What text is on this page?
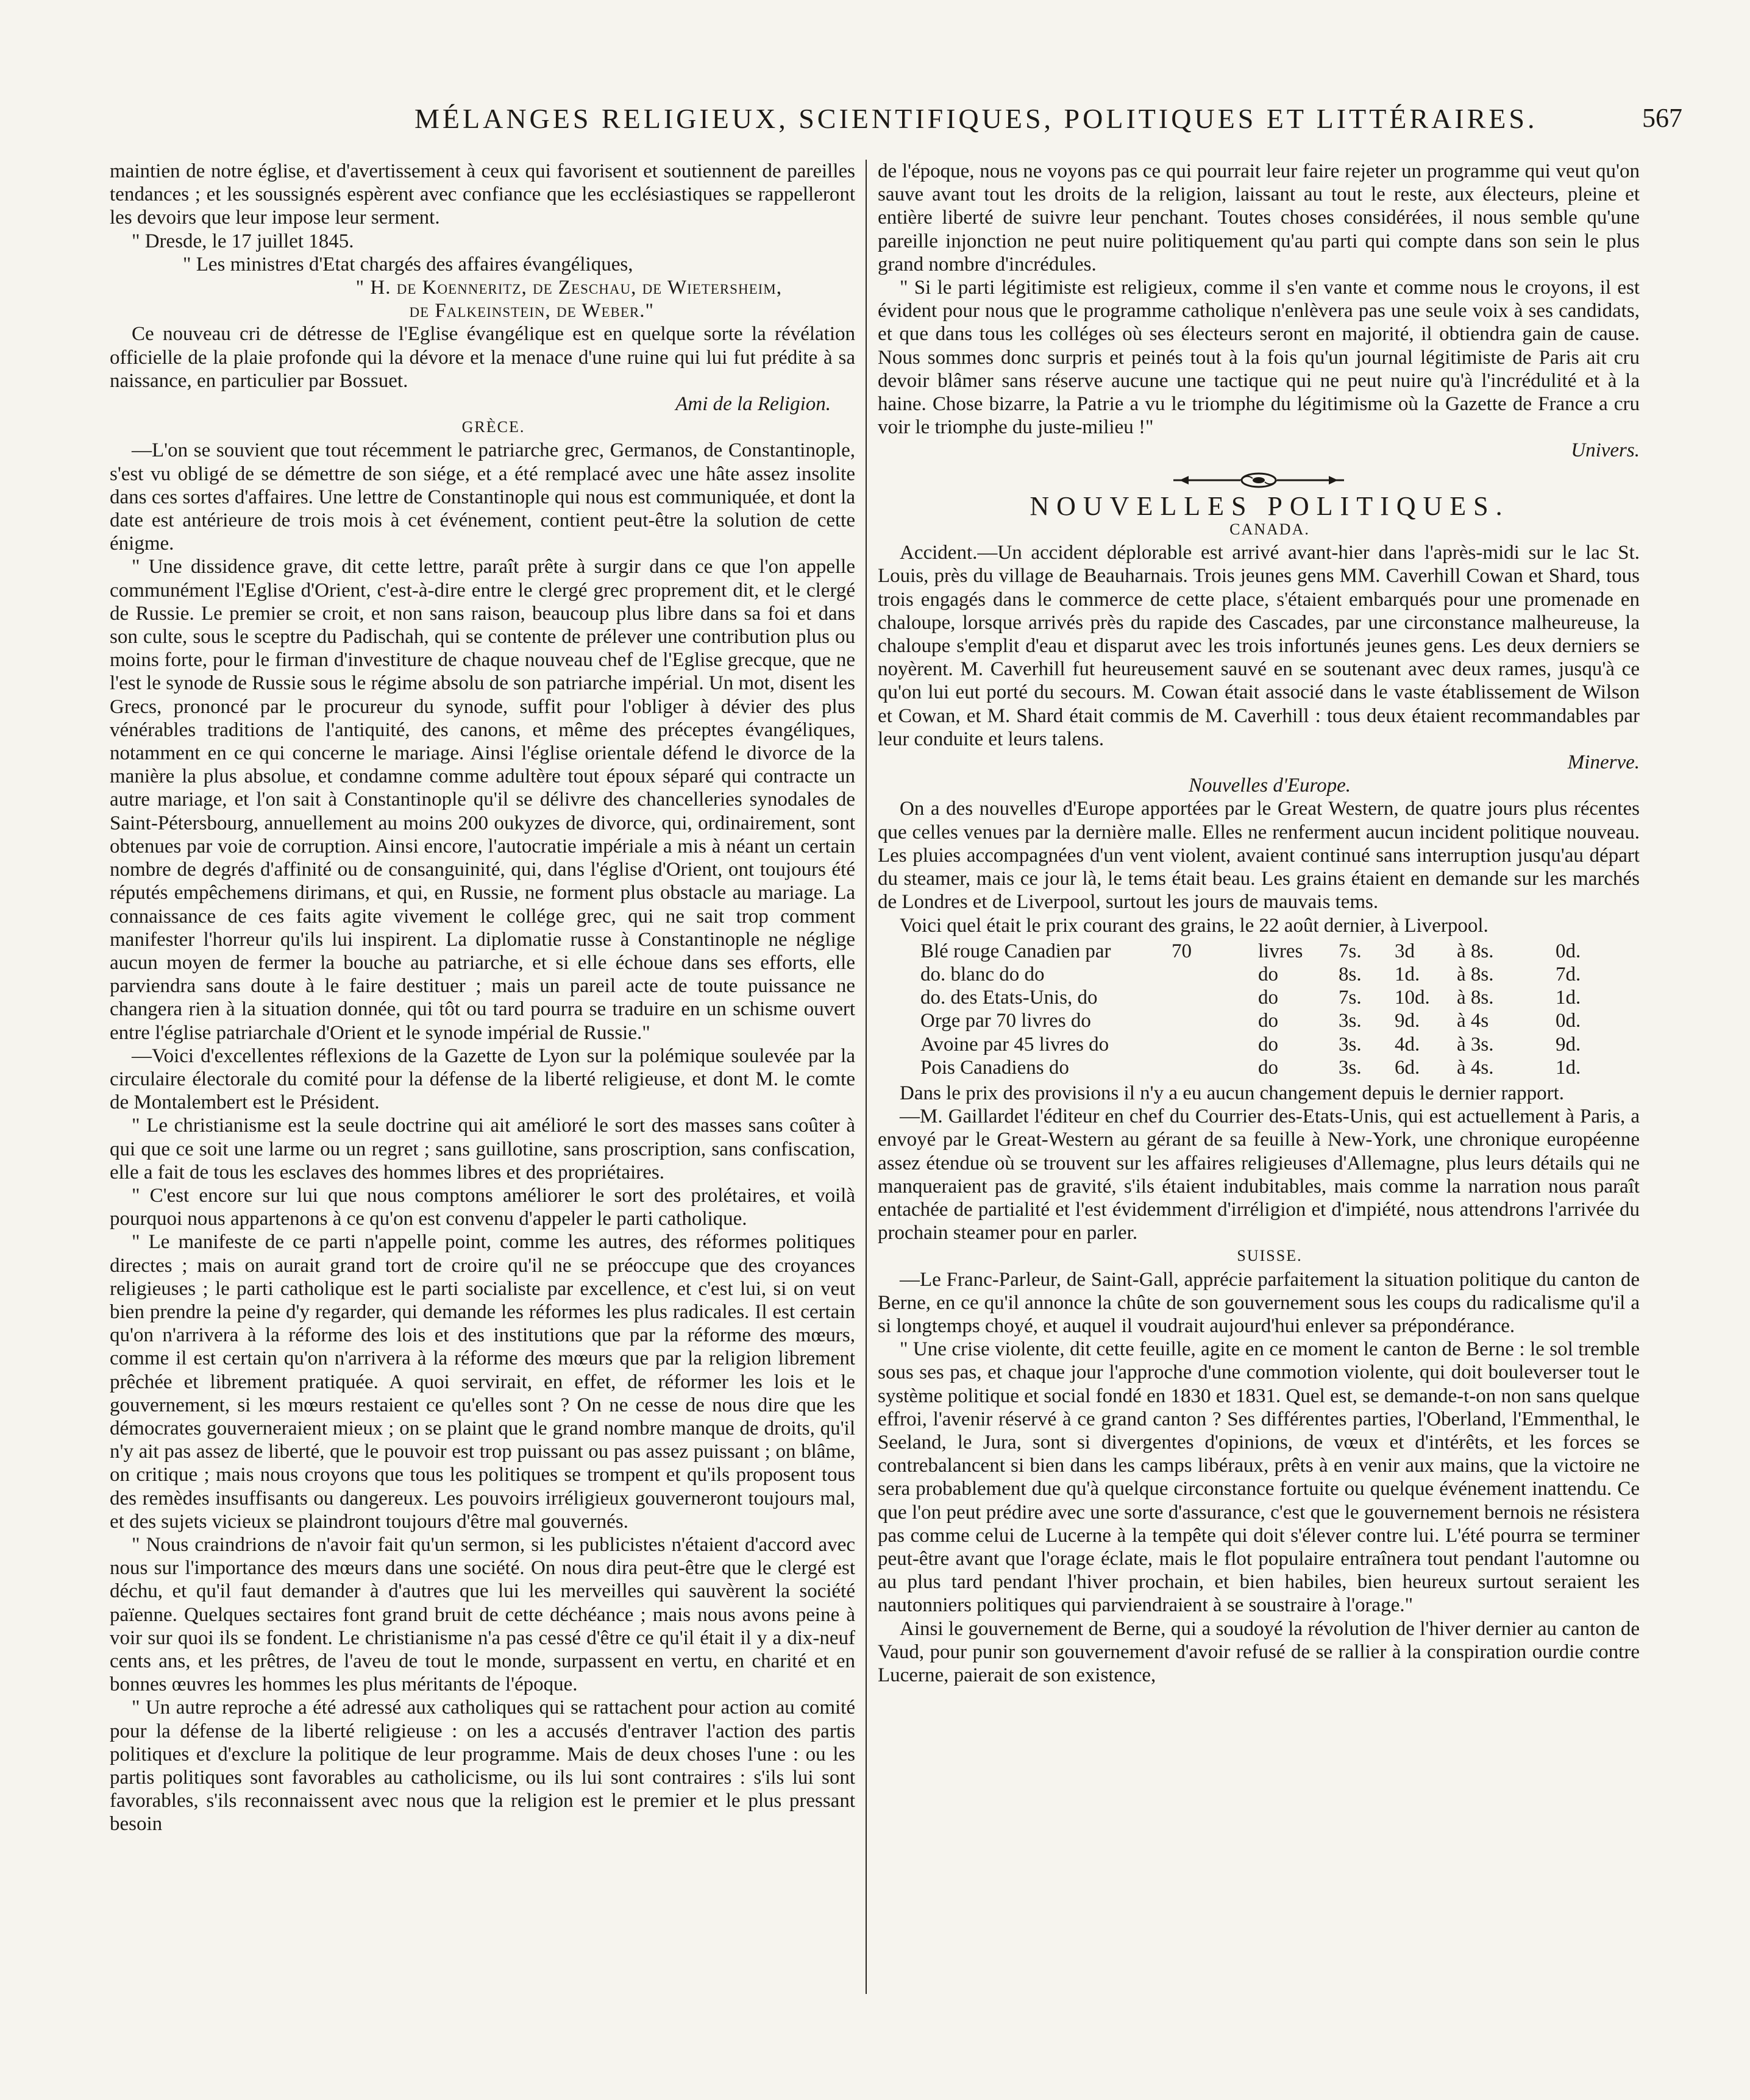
MÉLANGES RELIGIEUX, SCIENTIFIQUES, POLITIQUES ET LITTÉRAIRES.	567

maintien de notre église, et d'avertissement à ceux qui favorisent et soutiennent de pareilles tendances ; et les soussignés espèrent avec confiance que les ecclésiastiques se rappelleront les devoirs que leur impose leur serment.

" Dresde, le 17 juillet 1845.

" Les ministres d'Etat chargés des affaires évangéliques,

" H. de Koenneritz, de Zeschau, de Wietersheim,

de Falkeinstein, de Weber."

Ce nouveau cri de détresse de l'Eglise évangélique est en quelque sorte la révélation officielle de la plaie profonde qui la dévore et la menace d'une ruine qui lui fut prédite à sa naissance, en particulier par Bossuet.

Ami de la Religion.

GRÈCE.

—L'on se souvient que tout récemment le patriarche grec, Germanos, de Constantinople, s'est vu obligé de se démettre de son siége, et a été remplacé avec une hâte assez insolite dans ces sortes d'affaires. Une lettre de Constantinople qui nous est communiquée, et dont la date est antérieure de trois mois à cet événement, contient peut-être la solution de cette énigme.

" Une dissidence grave, dit cette lettre, paraît prête à surgir dans ce que l'on appelle communément l'Eglise d'Orient, c'est-à-dire entre le clergé grec proprement dit, et le clergé de Russie. Le premier se croit, et non sans raison, beaucoup plus libre dans sa foi et dans son culte, sous le sceptre du Padischah, qui se contente de prélever une contribution plus ou moins forte, pour le firman d'investiture de chaque nouveau chef de l'Eglise grecque, que ne l'est le synode de Russie sous le régime absolu de son patriarche impérial. Un mot, disent les Grecs, prononcé par le procureur du synode, suffit pour l'obliger à dévier des plus vénérables traditions de l'antiquité, des canons, et même des préceptes évangéliques, notamment en ce qui concerne le mariage. Ainsi l'église orientale défend le divorce de la manière la plus absolue, et condamne comme adultère tout époux séparé qui contracte un autre mariage, et l'on sait à Constantinople qu'il se délivre des chancelleries synodales de Saint-Pétersbourg, annuellement au moins 200 oukyzes de divorce, qui, ordinairement, sont obtenues par voie de corruption. Ainsi encore, l'autocratie impériale a mis à néant un certain nombre de degrés d'affinité ou de consanguinité, qui, dans l'église d'Orient, ont toujours été réputés empêchemens dirimans, et qui, en Russie, ne forment plus obstacle au mariage. La connaissance de ces faits agite vivement le collége grec, qui ne sait trop comment manifester l'horreur qu'ils lui inspirent. La diplomatie russe à Constantinople ne néglige aucun moyen de fermer la bouche au patriarche, et si elle échoue dans ses efforts, elle parviendra sans doute à le faire destituer ; mais un pareil acte de toute puissance ne changera rien à la situation donnée, qui tôt ou tard pourra se traduire en un schisme ouvert entre l'église patriarchale d'Orient et le synode impérial de Russie."

—Voici d'excellentes réflexions de la Gazette de Lyon sur la polémique soulevée par la circulaire électorale du comité pour la défense de la liberté religieuse, et dont M. le comte de Montalembert est le Président.

" Le christianisme est la seule doctrine qui ait amélioré le sort des masses sans coûter à qui que ce soit une larme ou un regret ; sans guillotine, sans proscription, sans confiscation, elle a fait de tous les esclaves des hommes libres et des propriétaires.

" C'est encore sur lui que nous comptons améliorer le sort des prolétaires, et voilà pourquoi nous appartenons à ce qu'on est convenu d'appeler le parti catholique.

" Le manifeste de ce parti n'appelle point, comme les autres, des réformes politiques directes ; mais on aurait grand tort de croire qu'il ne se préoccupe que des croyances religieuses ; le parti catholique est le parti socialiste par excellence, et c'est lui, si on veut bien prendre la peine d'y regarder, qui demande les réformes les plus radicales. Il est certain qu'on n'arrivera à la réforme des lois et des institutions que par la réforme des mœurs, comme il est certain qu'on n'arrivera à la réforme des mœurs que par la religion librement prêchée et librement pratiquée. A quoi servirait, en effet, de réformer les lois et le gouvernement, si les mœurs restaient ce qu'elles sont ? On ne cesse de nous dire que les démocrates gouverneraient mieux ; on se plaint que le grand nombre manque de droits, qu'il n'y ait pas assez de liberté, que le pouvoir est trop puissant ou pas assez puissant ; on blâme, on critique ; mais nous croyons que tous les politiques se trompent et qu'ils proposent tous des remèdes insuffisants ou dangereux. Les pouvoirs irréligieux gouverneront toujours mal, et des sujets vicieux se plaindront toujours d'être mal gouvernés.

" Nous craindrions de n'avoir fait qu'un sermon, si les publicistes n'étaient d'accord avec nous sur l'importance des mœurs dans une société. On nous dira peut-être que le clergé est déchu, et qu'il faut demander à d'autres que lui les merveilles qui sauvèrent la société païenne. Quelques sectaires font grand bruit de cette déchéance ; mais nous avons peine à voir sur quoi ils se fondent. Le christianisme n'a pas cessé d'être ce qu'il était il y a dix-neuf cents ans, et les prêtres, de l'aveu de tout le monde, surpassent en vertu, en charité et en bonnes œuvres les hommes les plus méritants de l'époque.

" Un autre reproche a été adressé aux catholiques qui se rattachent pour action au comité pour la défense de la liberté religieuse : on les a accusés d'entraver l'action des partis politiques et d'exclure la politique de leur programme. Mais de deux choses l'une : ou les partis politiques sont favorables au catholicisme, ou ils lui sont contraires : s'ils lui sont favorables, s'ils reconnaissent avec nous que la religion est le premier et le plus pressant besoin

de l'époque, nous ne voyons pas ce qui pourrait leur faire rejeter un programme qui veut qu'on sauve avant tout les droits de la religion, laissant au tout le reste, aux électeurs, pleine et entière liberté de suivre leur penchant. Toutes choses considérées, il nous semble qu'une pareille injonction ne peut nuire politiquement qu'au parti qui compte dans son sein le plus grand nombre d'incrédules.

" Si le parti légitimiste est religieux, comme il s'en vante et comme nous le croyons, il est évident pour nous que le programme catholique n'enlèvera pas une seule voix à ses candidats, et que dans tous les colléges où ses électeurs seront en majorité, il obtiendra gain de cause. Nous sommes donc surpris et peinés tout à la fois qu'un journal légitimiste de Paris ait cru devoir blâmer sans réserve aucune une tactique qui ne peut nuire qu'à l'incrédulité et à la haine. Chose bizarre, la Patrie a vu le triomphe du légitimisme où la Gazette de France a cru voir le triomphe du juste-milieu !"

Univers.

NOUVELLES POLITIQUES.

CANADA.

Accident.—Un accident déplorable est arrivé avant-hier dans l'après-midi sur le lac St. Louis, près du village de Beauharnais. Trois jeunes gens MM. Caverhill Cowan et Shard, tous trois engagés dans le commerce de cette place, s'étaient embarqués pour une promenade en chaloupe, lorsque arrivés près du rapide des Cascades, par une circonstance malheureuse, la chaloupe s'emplit d'eau et disparut avec les trois infortunés jeunes gens. Les deux derniers se noyèrent. M. Caverhill fut heureusement sauvé en se soutenant avec deux rames, jusqu'à ce qu'on lui eut porté du secours. M. Cowan était associé dans le vaste établissement de Wilson et Cowan, et M. Shard était commis de M. Caverhill : tous deux étaient recommandables par leur conduite et leurs talens.

Minerve.

Nouvelles d'Europe.

On a des nouvelles d'Europe apportées par le Great Western, de quatre jours plus récentes que celles venues par la dernière malle. Elles ne renferment aucun incident politique nouveau. Les pluies accompagnées d'un vent violent, avaient continué sans interruption jusqu'au départ du steamer, mais ce jour là, le tems était beau. Les grains étaient en demande sur les marchés de Londres et de Liverpool, surtout les jours de mauvais tems.

Voici quel était le prix courant des grains, le 22 août dernier, à Liverpool.

Blé rouge Canadien par	70	livres	7s.	3d	à 8s.	0d.
do. blanc do do		do	8s.	1d.	à 8s.	7d.
do. des Etats-Unis, do		do	7s.	10d.	à 8s.	1d.
Orge par 70 livres do		do	3s.	9d.	à 4s	0d.
Avoine par 45 livres do		do	3s.	4d.	à 3s.	9d.
Pois Canadiens do		do	3s.	6d.	à 4s.	1d.

Dans le prix des provisions il n'y a eu aucun changement depuis le dernier rapport.

—M. Gaillardet l'éditeur en chef du Courrier des-Etats-Unis, qui est actuellement à Paris, a envoyé par le Great-Western au gérant de sa feuille à New-York, une chronique européenne assez étendue où se trouvent sur les affaires religieuses d'Allemagne, plus leurs détails qui ne manqueraient pas de gravité, s'ils étaient indubitables, mais comme la narration nous paraît entachée de partialité et l'est évidemment d'irréligion et d'impiété, nous attendrons l'arrivée du prochain steamer pour en parler.

SUISSE.

—Le Franc-Parleur, de Saint-Gall, apprécie parfaitement la situation politique du canton de Berne, en ce qu'il annonce la chûte de son gouvernement sous les coups du radicalisme qu'il a si longtemps choyé, et auquel il voudrait aujourd'hui enlever sa prépondérance.

" Une crise violente, dit cette feuille, agite en ce moment le canton de Berne : le sol tremble sous ses pas, et chaque jour l'approche d'une commotion violente, qui doit bouleverser tout le système politique et social fondé en 1830 et 1831. Quel est, se demande-t-on non sans quelque effroi, l'avenir réservé à ce grand canton ? Ses différentes parties, l'Oberland, l'Emmenthal, le Seeland, le Jura, sont si divergentes d'opinions, de vœux et d'intérêts, et les forces se contrebalancent si bien dans les camps libéraux, prêts à en venir aux mains, que la victoire ne sera probablement due qu'à quelque circonstance fortuite ou quelque événement inattendu. Ce que l'on peut prédire avec une sorte d'assurance, c'est que le gouvernement bernois ne résistera pas comme celui de Lucerne à la tempête qui doit s'élever contre lui. L'été pourra se terminer peut-être avant que l'orage éclate, mais le flot populaire entraînera tout pendant l'automne ou au plus tard pendant l'hiver prochain, et bien habiles, bien heureux surtout seraient les nautonniers politiques qui parviendraient à se soustraire à l'orage."

Ainsi le gouvernement de Berne, qui a soudoyé la révolution de l'hiver dernier au canton de Vaud, pour punir son gouvernement d'avoir refusé de se rallier à la conspiration ourdie contre Lucerne, paierait de son existence,
